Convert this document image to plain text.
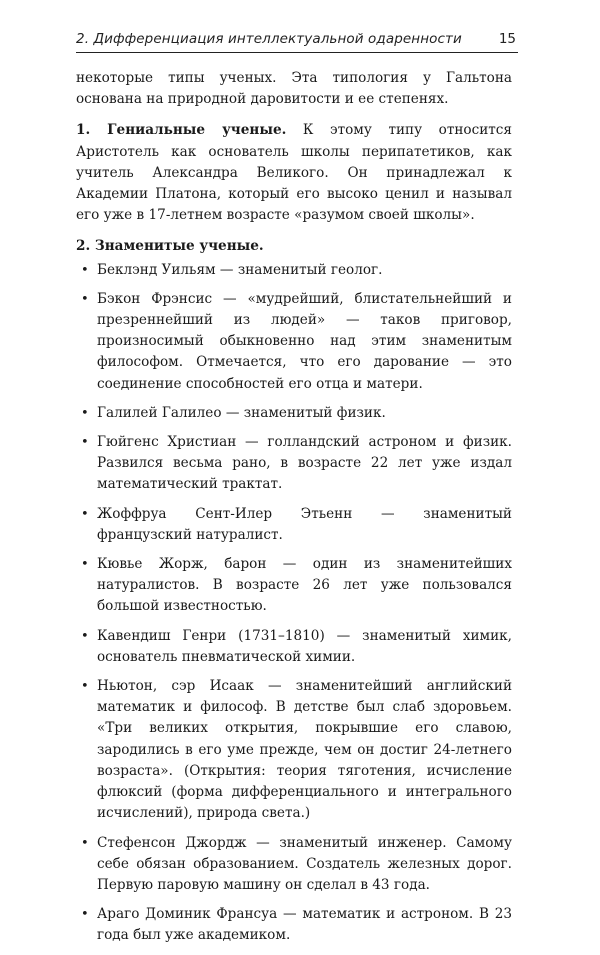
2. Дифференциация интеллектуальной одаренности	15

некоторые типы ученых. Эта типология у Гальтона основана на природной даровитости и ее степенях.

1. Гениальные ученые. К этому типу относится Аристотель как основатель школы перипатетиков, как учитель Александра Великого. Он принадлежал к Академии Платона, который его высоко ценил и называл его уже в 17-летнем возрасте «разумом своей школы».

2. Знаменитые ученые.

• Беклэнд Уильям — знаменитый геолог.
• Бэкон Фрэнсис — «мудрейший, блистательнейший и презреннейший из людей» — таков приговор, произносимый обыкновенно над этим знаменитым философом. Отмечается, что его дарование — это соединение способностей его отца и матери.
• Галилей Галилео — знаменитый физик.
• Гюйгенс Христиан — голландский астроном и физик. Развился весьма рано, в возрасте 22 лет уже издал математический трактат.
• Жоффруа Сент-Илер Этьенн — знаменитый французский натуралист.
• Кювье Жорж, барон — один из знаменитейших натуралистов. В возрасте 26 лет уже пользовался большой известностью.
• Кавендиш Генри (1731–1810) — знаменитый химик, основатель пневматической химии.
• Ньютон, сэр Исаак — знаменитейший английский математик и философ. В детстве был слаб здоровьем. «Три великих открытия, покрывшие его славою, зародились в его уме прежде, чем он достиг 24-летнего возраста». (Открытия: теория тяготения, исчисление флюксий (форма дифференциального и интегрального исчислений), природа света.)
• Стефенсон Джордж — знаменитый инженер. Самому себе обязан образованием. Создатель железных дорог. Первую паровую машину он сделал в 43 года.
• Араго Доминик Франсуа — математик и астроном. В 23 года был уже академиком.
